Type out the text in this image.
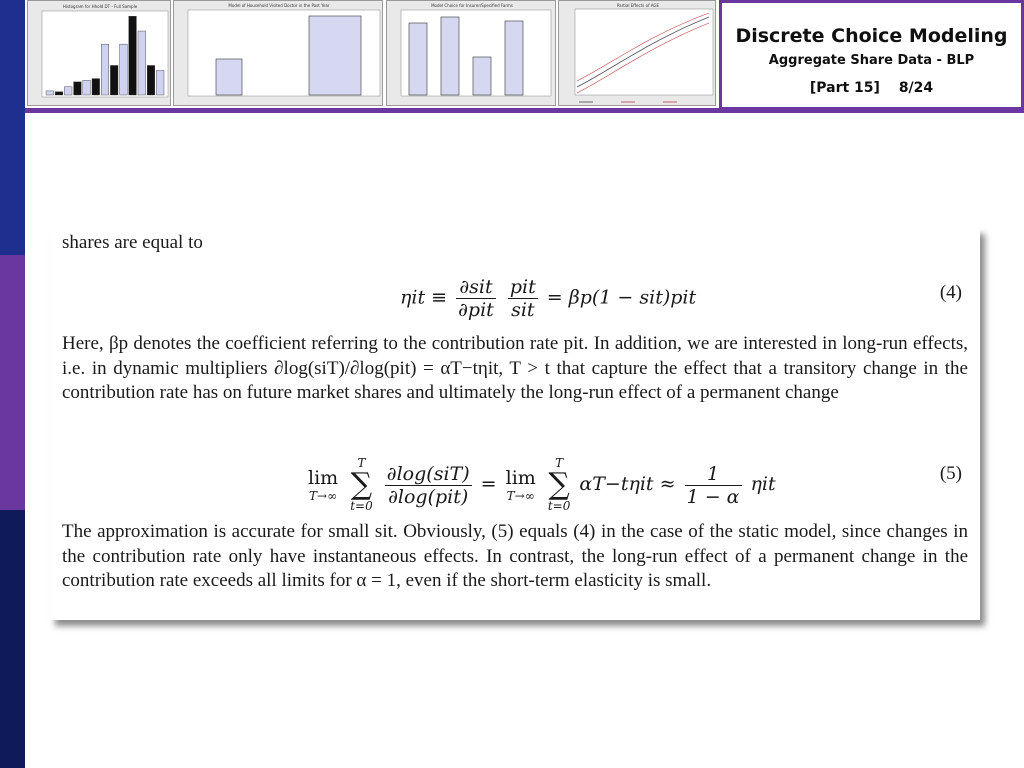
Histogram for Hhold DT - Full Sample	Model of Household Visited Doctor in the Past Year	Model Choice for Insurer/Specified Farms	Partial Effects of AGE
Discrete Choice Modeling
Aggregate Share Data - BLP
[Part 15] 8/24

shares are equal to

$\eta it \equiv \frac{\text{∂sit}}{\text{∂pit}}$
$\frac{\text{pit}}{\text{sit}} = \beta p(1 - sit)pit$	(4)

Here, βp denotes the coefficient referring to the contribution rate pit. In addition, we are interested in long-run effects, i.e. in dynamic multipliers ∂log(siT)/∂log(pit) = αT−tηit, T > t that capture the effect that a transitory change in the contribution rate has on future market shares and ultimately the long-run effect of a permanent change

lim
T→∞

T
∑
t=0
$\frac{\text{∂log(siT)}}{\text{∂log(pit)}} = \lim$
T→∞

T
∑
t=0
$\alpha T-t\eta it \approx \frac{1}{1 - \alpha}$ ηit	(5)

The approximation is accurate for small sit. Obviously, (5) equals (4) in the case of the static model, since changes in the contribution rate only have instantaneous effects. In contrast, the long-run effect of a permanent change in the contribution rate exceeds all limits for α = 1, even if the short-term elasticity is small.
